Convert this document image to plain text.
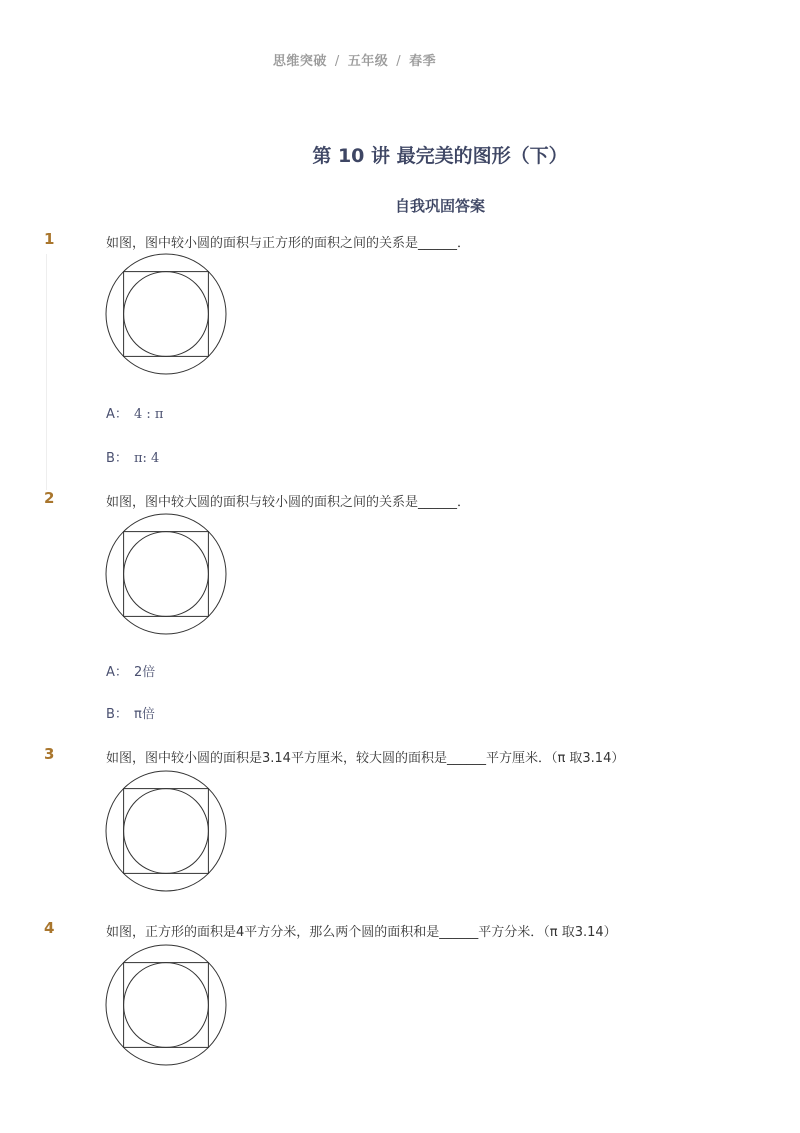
思维突破 / 五年级 / 春季
第 10 讲 最完美的图形（下）
自我巩固答案
1	如图，图中较小圆的面积与正方形的面积之间的关系是______．
A： 4 : π
B： π: 4
2	如图，图中较大圆的面积与较小圆的面积之间的关系是______．
A： 2倍
B： π倍
3	如图，图中较小圆的面积是3.14平方厘米，较大圆的面积是______平方厘米．（π 取3.14）
4	如图，正方形的面积是4平方分米，那么两个圆的面积和是______平方分米．（π 取3.14）
